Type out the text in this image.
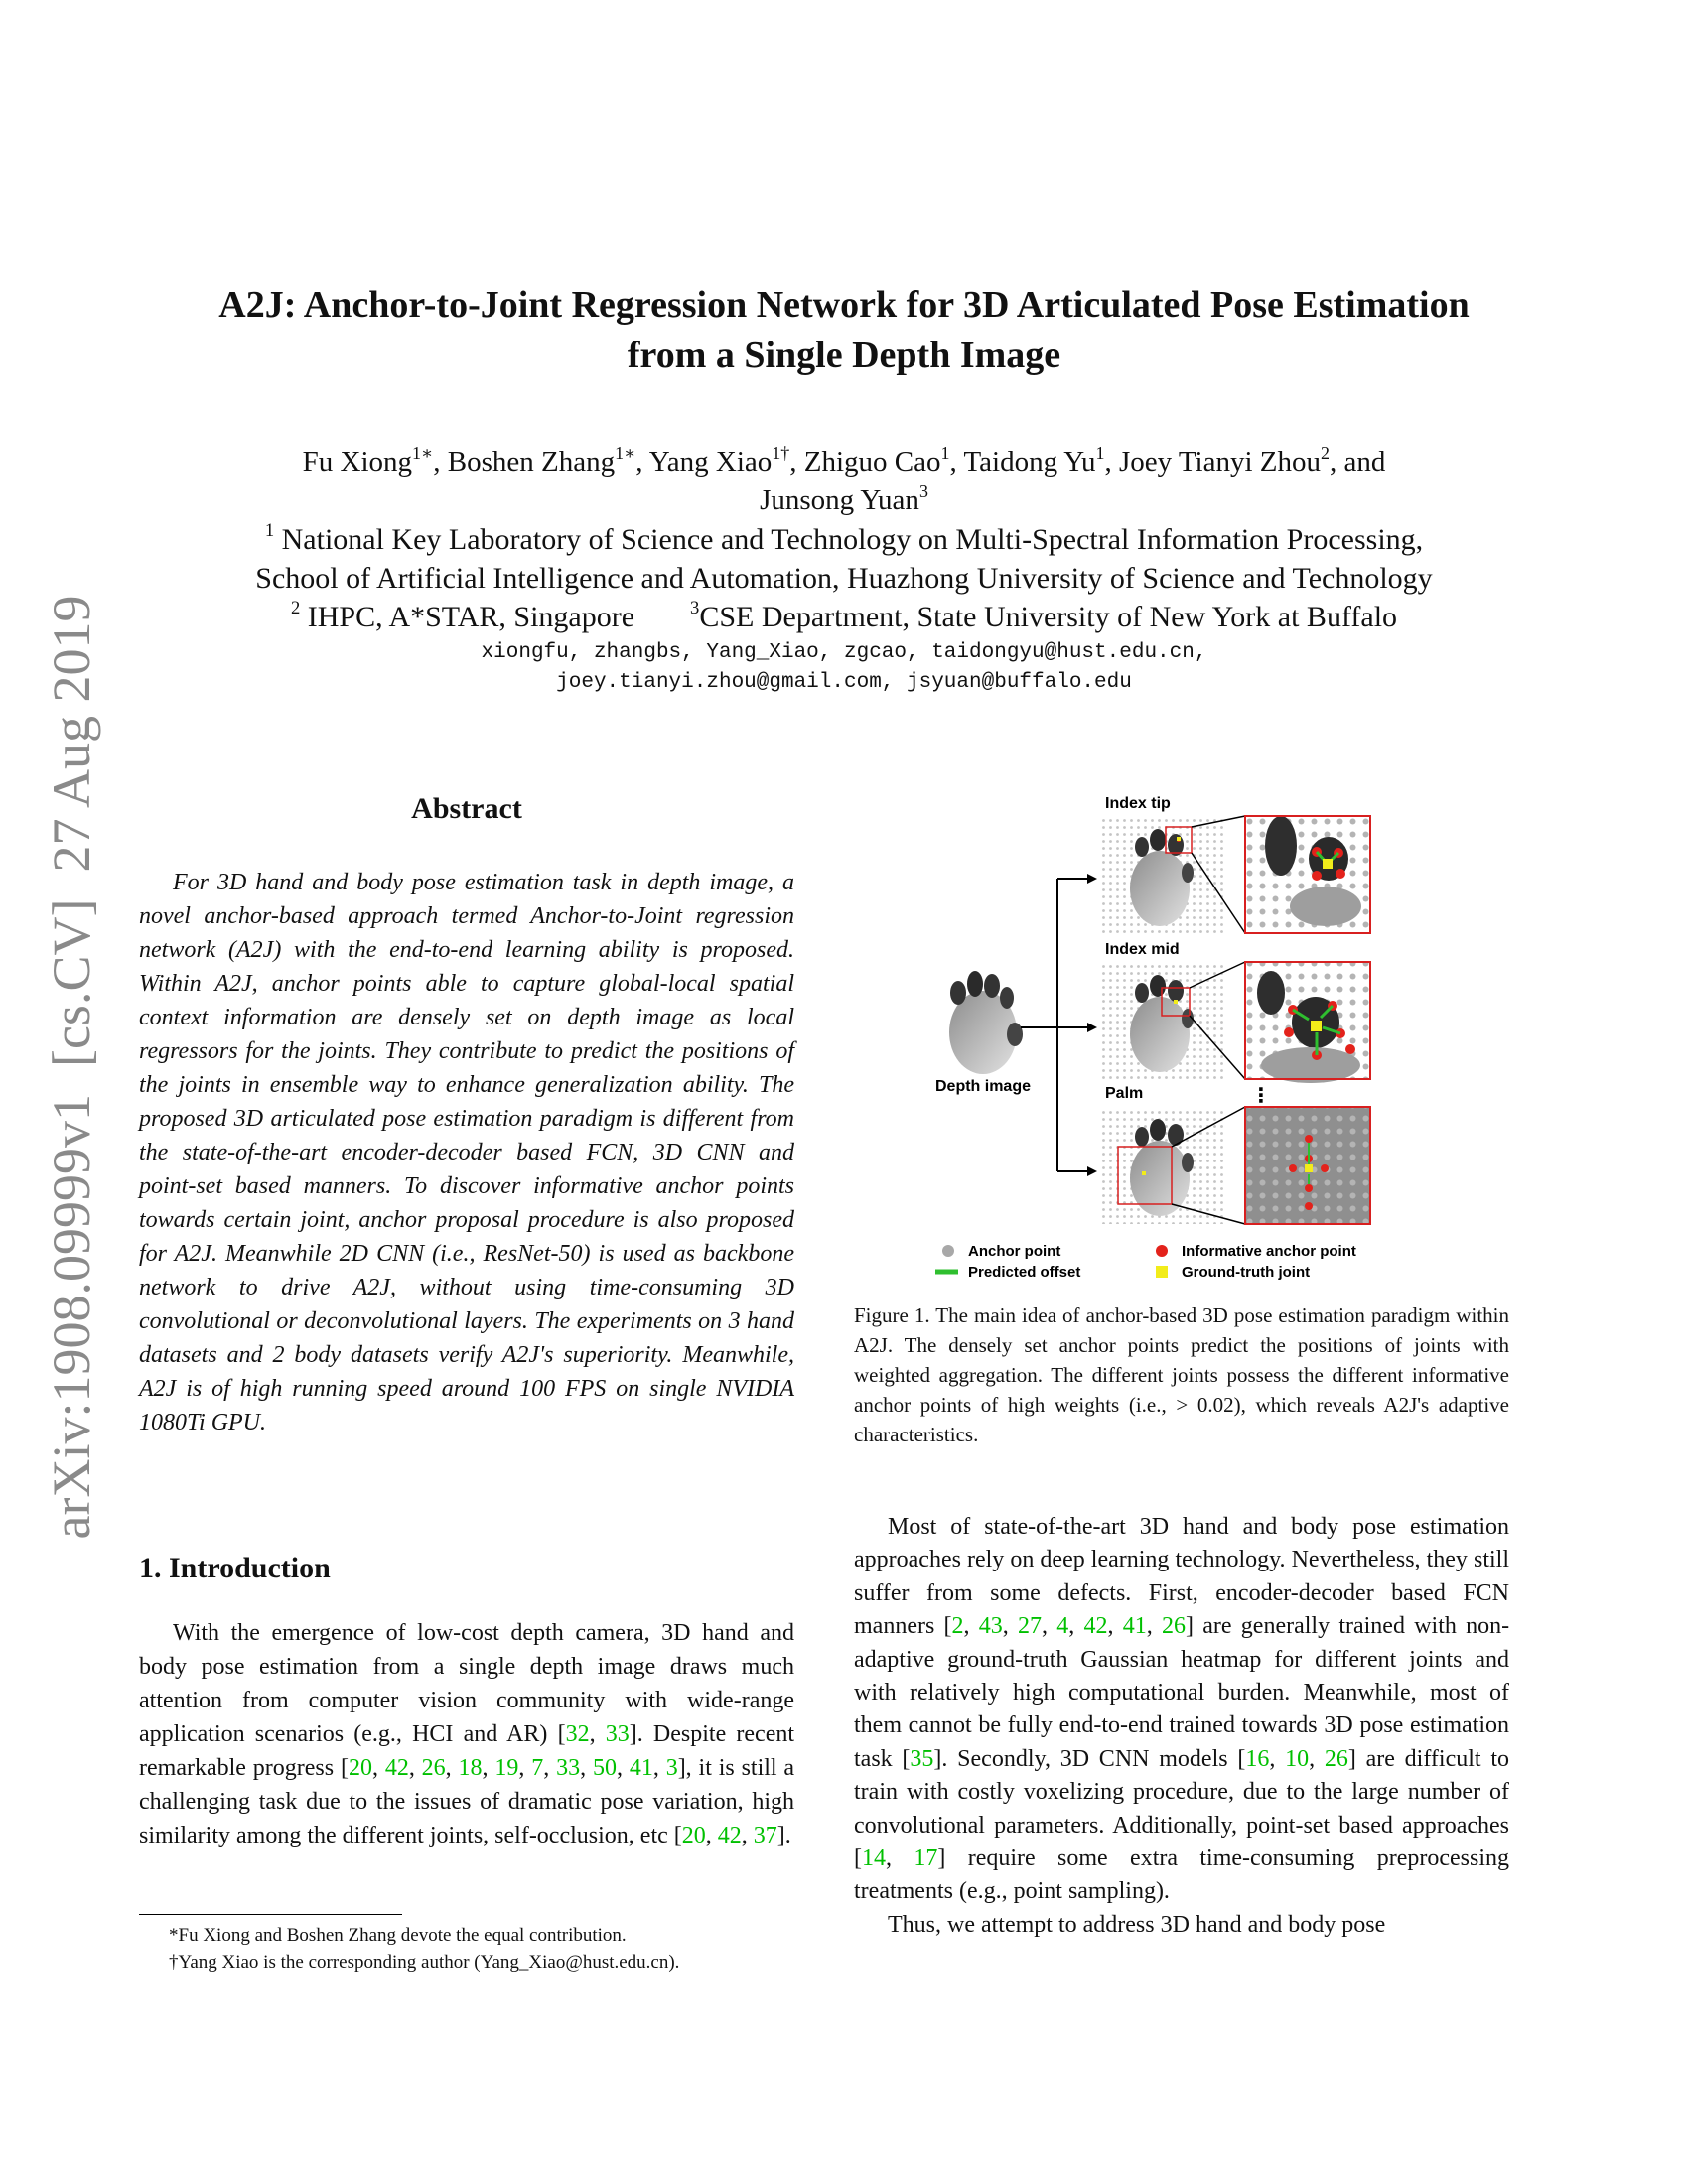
arXiv:1908.09999v1  [cs.CV]  27 Aug 2019
A2J: Anchor-to-Joint Regression Network for 3D Articulated Pose Estimation
from a Single Depth Image
Fu Xiong$^{1∗}$, Boshen Zhang$^{1∗}$, Yang Xiao$^{1\dagger}$, Zhiguo Cao$^1$, Taidong Yu$^1$, Joey Tianyi Zhou$^2$, and
Junsong Yuan$^3$
$^1$ National Key Laboratory of Science and Technology on Multi-Spectral Information Processing,
School of Artificial Intelligence and Automation, Huazhong University of Science and Technology
$^2$ IHPC, A*STAR, Singapore	$^3$CSE Department, State University of New York at Buffalo
xiongfu, zhangbs, Yang_Xiao, zgcao, taidongyu@hust.edu.cn,
joey.tianyi.zhou@gmail.com, jsyuan@buffalo.edu
Abstract
For 3D hand and body pose estimation task in depth image, a novel anchor-based approach termed Anchor-to-Joint regression network (A2J) with the end-to-end learning ability is proposed. Within A2J, anchor points able to capture global-local spatial context information are densely set on depth image as local regressors for the joints. They contribute to predict the positions of the joints in ensemble way to enhance generalization ability. The proposed 3D articulated pose estimation paradigm is different from the state-of-the-art encoder-decoder based FCN, 3D CNN and point-set based manners. To discover informative anchor points towards certain joint, anchor proposal procedure is also proposed for A2J. Meanwhile 2D CNN (i.e., ResNet-50) is used as backbone network to drive A2J, without using time-consuming 3D convolutional or deconvolutional layers. The experiments on 3 hand datasets and 2 body datasets verify A2J's superiority. Meanwhile, A2J is of high running speed around 100 FPS on single NVIDIA 1080Ti GPU.
1. Introduction
With the emergence of low-cost depth camera, 3D hand and body pose estimation from a single depth image draws much attention from computer vision community with wide-range application scenarios (e.g., HCI and AR) [32, 33]. Despite recent remarkable progress [20, 42, 26, 18, 19, 7, 33, 50, 41, 3], it is still a challenging task due to the issues of dramatic pose variation, high similarity among the different joints, self-occlusion, etc [20, 42, 37].
*Fu Xiong and Boshen Zhang devote the equal contribution.
†Yang Xiao is the corresponding author (Yang_Xiao@hust.edu.cn).
Depth image
Index tip
Index mid
⋮
Palm
Anchor point
Predicted offset
Informative anchor point
Ground-truth joint
Figure 1. The main idea of anchor-based 3D pose estimation paradigm within A2J. The densely set anchor points predict the positions of joints with weighted aggregation. The different joints possess the different informative anchor points of high weights (i.e., > 0.02), which reveals A2J's adaptive characteristics.

Most of state-of-the-art 3D hand and body pose estimation approaches rely on deep learning technology. Nevertheless, they still suffer from some defects. First, encoder-decoder based FCN manners [2, 43, 27, 4, 42, 41, 26] are generally trained with non-adaptive ground-truth Gaussian heatmap for different joints and with relatively high computational burden. Meanwhile, most of them cannot be fully end-to-end trained towards 3D pose estimation task [35]. Secondly, 3D CNN models [16, 10, 26] are difficult to train with costly voxelizing procedure, due to the large number of convolutional parameters. Additionally, point-set based approaches [14, 17] require some extra time-consuming preprocessing treatments (e.g., point sampling).

Thus, we attempt to address 3D hand and body pose
